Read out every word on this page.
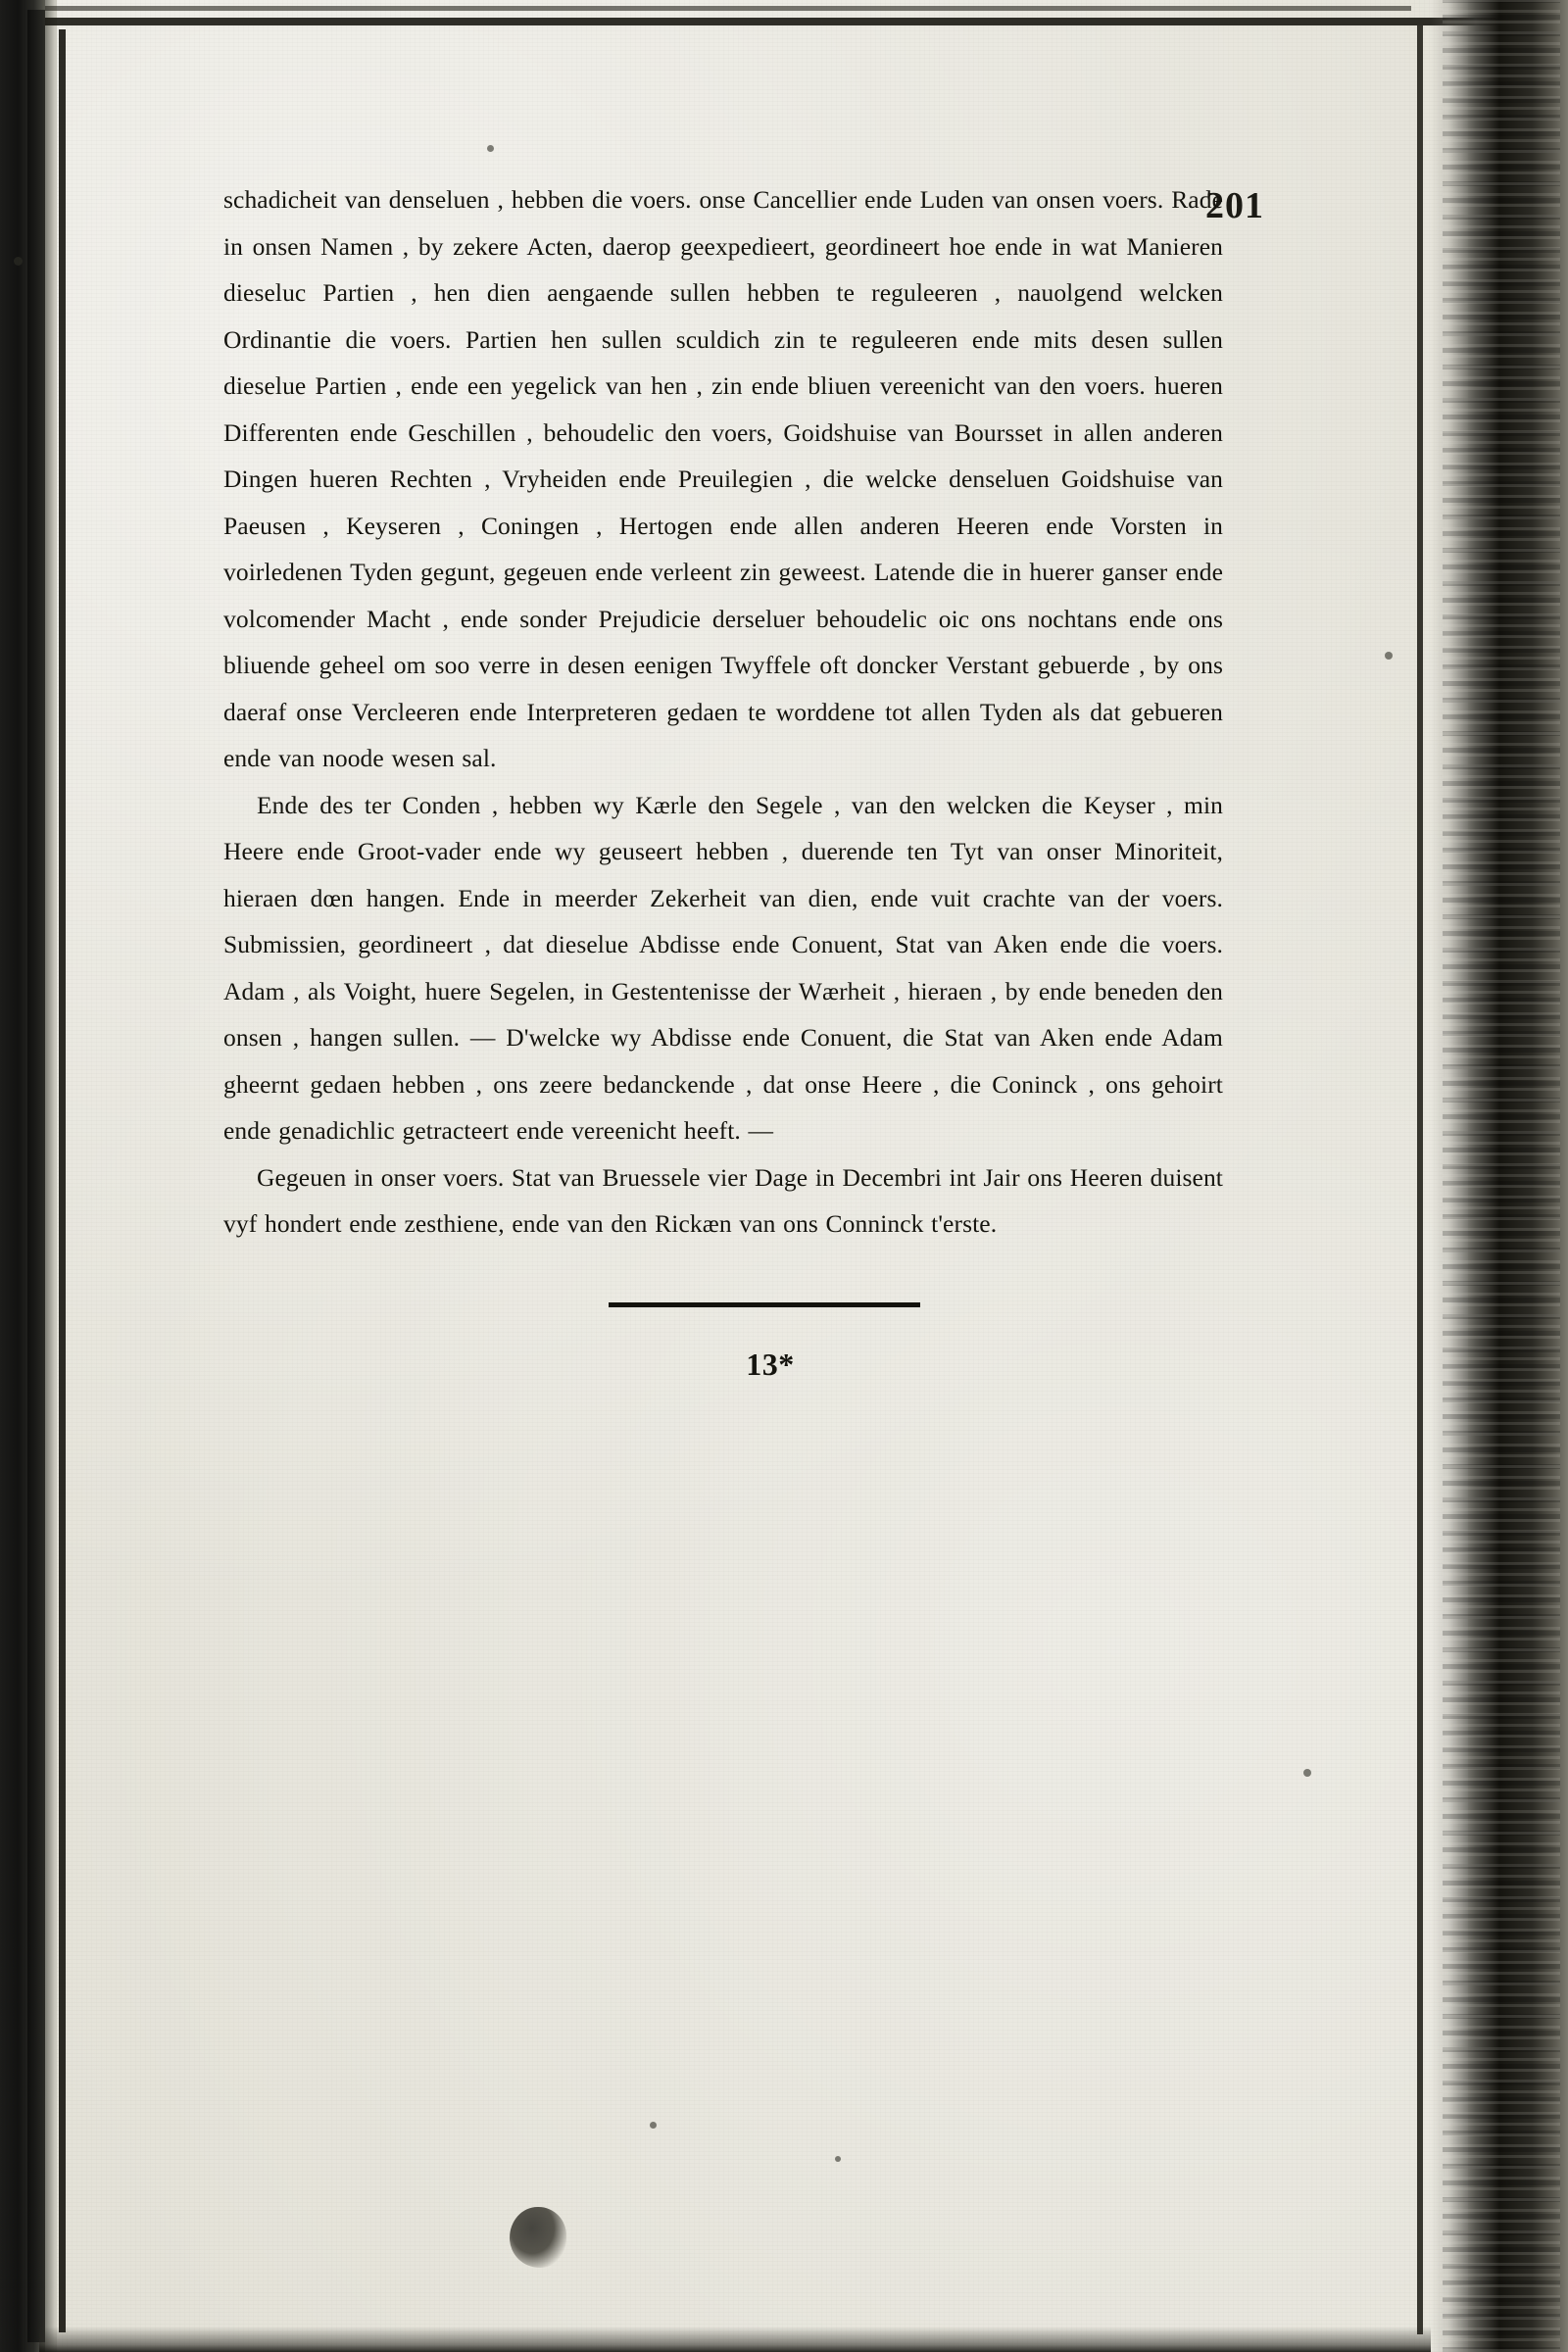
201

schadicheit van denseluen , hebben die voers. onse Cancellier ende Luden van onsen voers. Rade in onsen Namen , by zekere Acten, daerop geexpedieert, geordineert hoe ende in wat Manieren dieseluc Partien , hen dien aengaende sullen hebben te reguleeren , nauolgend welcken Ordinantie die voers. Partien hen sullen sculdich zin te reguleeren ende mits desen sullen dieselue Partien , ende een yegelick van hen , zin ende bliuen vereenicht van den voers. hueren Differenten ende Geschillen , behoudelic den voers, Goidshuise van Boursset in allen anderen Dingen hueren Rechten , Vryheiden ende Preuilegien , die welcke denseluen Goidshuise van Paeusen , Keyseren , Coningen , Hertogen ende allen anderen Heeren ende Vorsten in voirledenen Tyden gegunt, gegeuen ende verleent zin geweest. Latende die in huerer ganser ende volcomender Macht , ende sonder Prejudicie derseluer behoudelic oic ons nochtans ende ons bliuende geheel om soo verre in desen eenigen Twyffele oft doncker Verstant gebuerde , by ons daeraf onse Vercleeren ende Interpreteren gedaen te worddene tot allen Tyden als dat gebueren ende van noode wesen sal.

Ende des ter Conden , hebben wy Kærle den Segele , van den welcken die Keyser , min Heere ende Groot-vader ende wy geuseert hebben , duerende ten Tyt van onser Minoriteit, hieraen dœn hangen. Ende in meerder Zekerheit van dien, ende vuit crachte van der voers. Submissien, geordineert , dat dieselue Abdisse ende Conuent, Stat van Aken ende die voers. Adam , als Voight, huere Segelen, in Gestentenisse der Wærheit , hieraen , by ende beneden den onsen , hangen sullen. — D'welcke wy Abdisse ende Conuent, die Stat van Aken ende Adam gheernt gedaen hebben , ons zeere bedanckende , dat onse Heere , die Coninck , ons gehoirt ende genadichlic getracteert ende vereenicht heeft. —

Gegeuen in onser voers. Stat van Bruessele vier Dage in Decembri int Jair ons Heeren duisent vyf hondert ende zesthiene, ende van den Rickæn van ons Conninck t'erste.

13*
